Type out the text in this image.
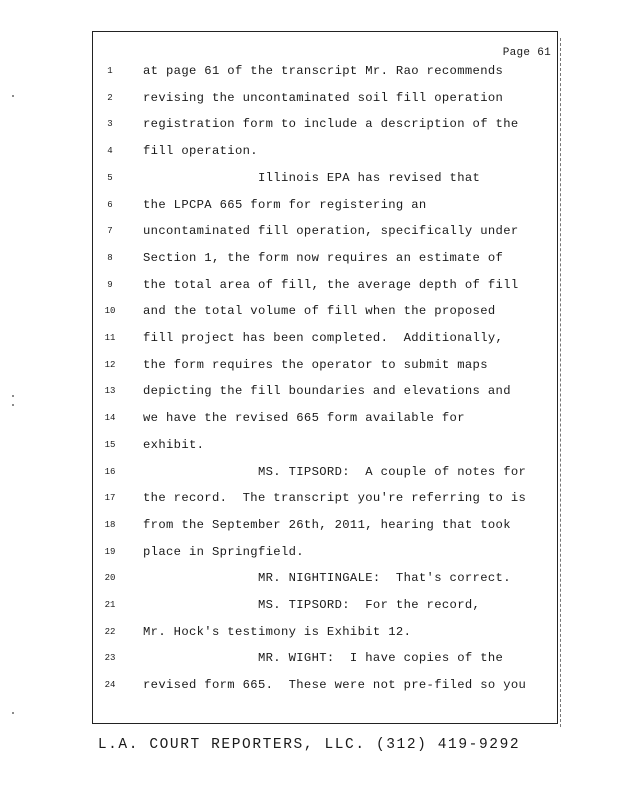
Page 61
1	at page 61 of the transcript Mr. Rao recommends
2	revising the uncontaminated soil fill operation
3	registration form to include a description of the
4	fill operation.
5	Illinois EPA has revised that
6	the LPCPA 665 form for registering an
7	uncontaminated fill operation, specifically under
8	Section 1, the form now requires an estimate of
9	the total area of fill, the average depth of fill
10 and the total volume of fill when the proposed
11 fill project has been completed.  Additionally,
12 the form requires the operator to submit maps
13 depicting the fill boundaries and elevations and
14 we have the revised 665 form available for
15 exhibit.
16 MS. TIPSORD:  A couple of notes for
17 the record.  The transcript you're referring to is
18 from the September 26th, 2011, hearing that took
19 place in Springfield.
20 MR. NIGHTINGALE:  That's correct.
21 MS. TIPSORD:  For the record,
22 Mr. Hock's testimony is Exhibit 12.
23 MR. WIGHT:  I have copies of the
24 revised form 665.  These were not pre-filed so you
L.A. COURT REPORTERS, LLC. (312) 419-9292
